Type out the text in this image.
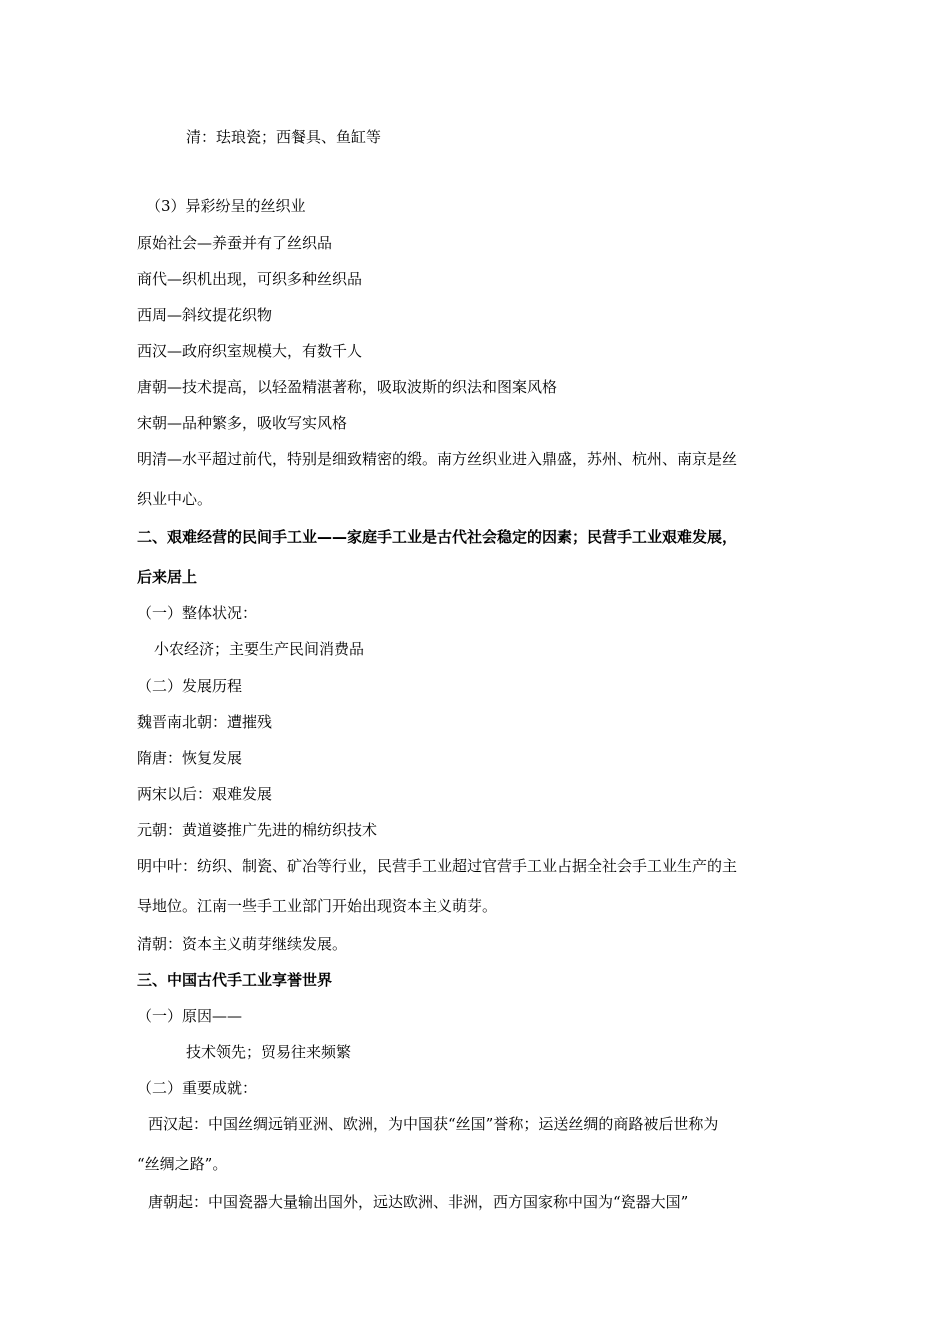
清：珐琅瓷；西餐具、鱼缸等
（3）异彩纷呈的丝织业
原始社会—养蚕并有了丝织品
商代—织机出现，可织多种丝织品
西周—斜纹提花织物
西汉—政府织室规模大，有数千人
唐朝—技术提高，以轻盈精湛著称，吸取波斯的织法和图案风格
宋朝—品种繁多，吸收写实风格
明清—水平超过前代，特别是细致精密的缎。南方丝织业进入鼎盛，苏州、杭州、南京是丝
织业中心。
二、艰难经营的民间手工业——家庭手工业是古代社会稳定的因素；民营手工业艰难发展，
后来居上
（一）整体状况：
小农经济；主要生产民间消费品
（二）发展历程
魏晋南北朝：遭摧残
隋唐：恢复发展
两宋以后：艰难发展
元朝：黄道婆推广先进的棉纺织技术
明中叶：纺织、制瓷、矿冶等行业，民营手工业超过官营手工业占据全社会手工业生产的主
导地位。江南一些手工业部门开始出现资本主义萌芽。
清朝：资本主义萌芽继续发展。
三、中国古代手工业享誉世界
（一）原因——
技术领先；贸易往来频繁
（二）重要成就：
西汉起：中国丝绸远销亚洲、欧洲，为中国获“丝国”誉称；运送丝绸的商路被后世称为
“丝绸之路”。
唐朝起：中国瓷器大量输出国外，远达欧洲、非洲，西方国家称中国为“瓷器大国”
